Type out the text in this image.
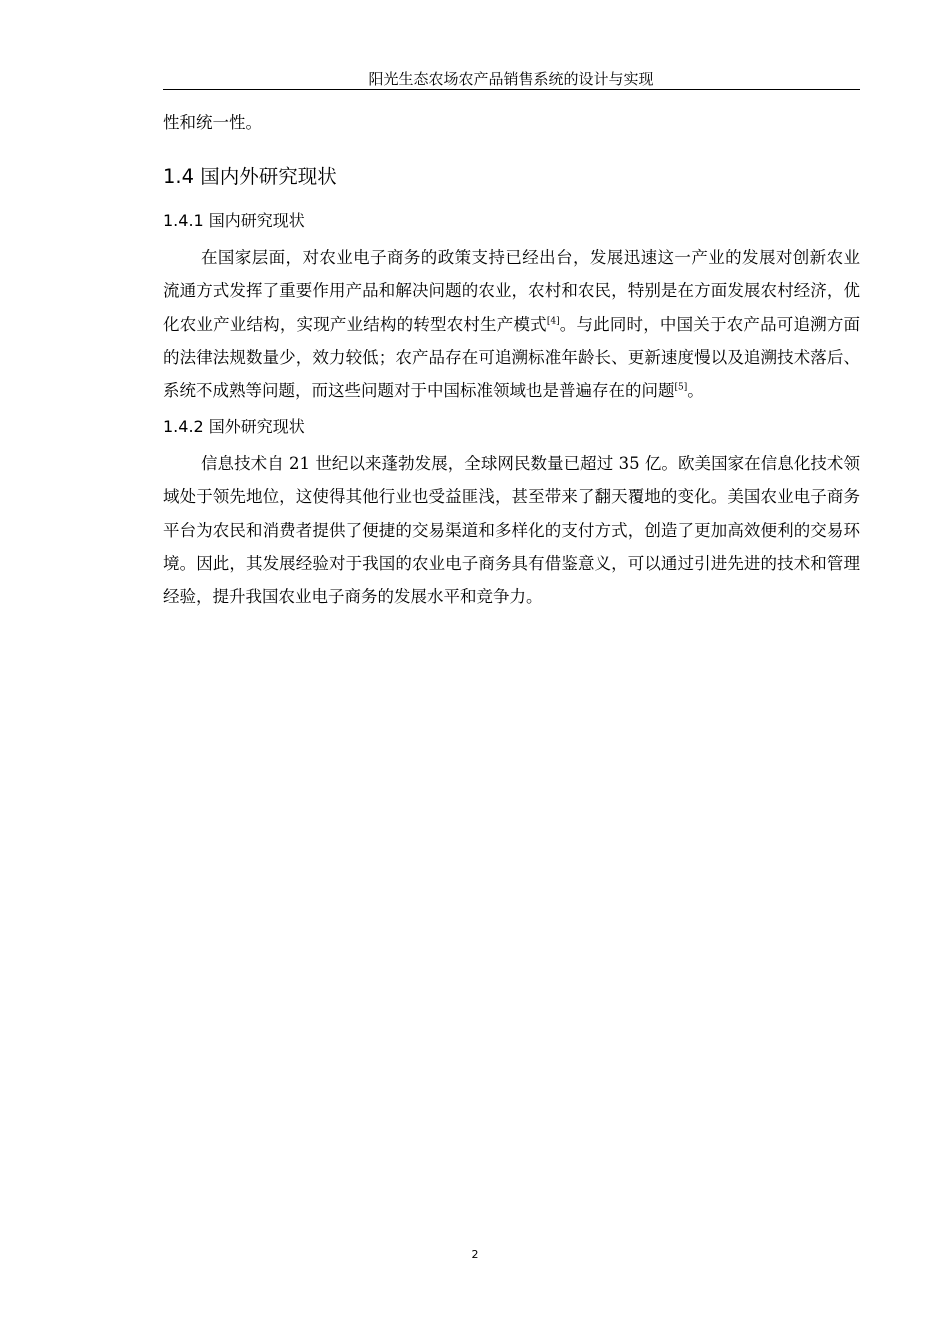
阳光生态农场农产品销售系统的设计与实现

性和统一性。

1.4 国内外研究现状
1.4.1 国内研究现状

在国家层面，对农业电子商务的政策支持已经出台，发展迅速这一产业的发展对创新农业流通方式发挥了重要作用产品和解决问题的农业，农村和农民，特别是在方面发展农村经济，优化农业产业结构，实现产业结构的转型农村生产模式[4]。与此同时，中国关于农产品可追溯方面的法律法规数量少，效力较低；农产品存在可追溯标准年龄长、更新速度慢以及追溯技术落后、系统不成熟等问题，而这些问题对于中国标准领域也是普遍存在的问题[5]。

1.4.2 国外研究现状

信息技术自 21 世纪以来蓬勃发展，全球网民数量已超过 35 亿。欧美国家在信息化技术领域处于领先地位，这使得其他行业也受益匪浅，甚至带来了翻天覆地的变化。美国农业电子商务平台为农民和消费者提供了便捷的交易渠道和多样化的支付方式，创造了更加高效便利的交易环境。因此，其发展经验对于我国的农业电子商务具有借鉴意义，可以通过引进先进的技术和管理经验，提升我国农业电子商务的发展水平和竞争力。

2
